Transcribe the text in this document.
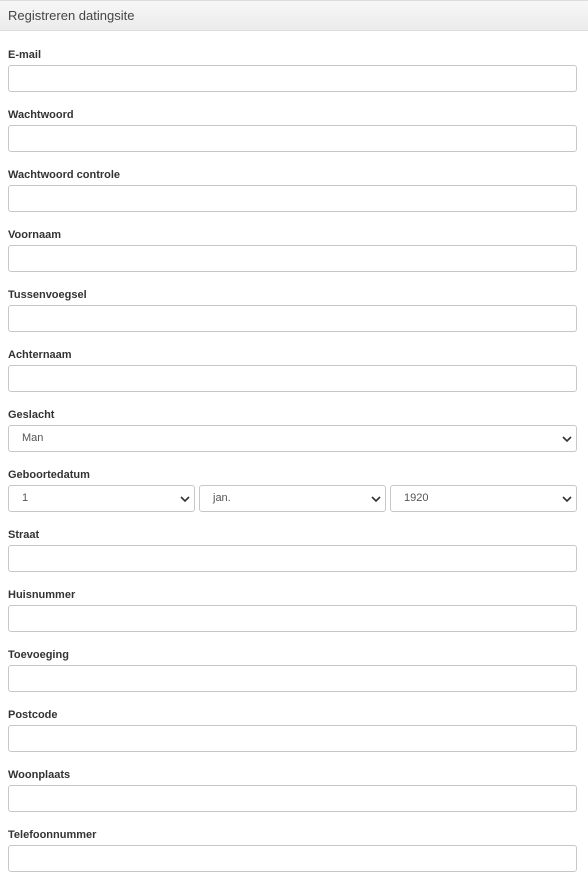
Registreren datingsite
E-mail
Wachtwoord
Wachtwoord controle
Voornaam
Tussenvoegsel
Achternaam
Geslacht
Man
Geboortedatum
1	jan.	1920
Straat
Huisnummer
Toevoeging
Postcode
Woonplaats
Telefoonnummer
